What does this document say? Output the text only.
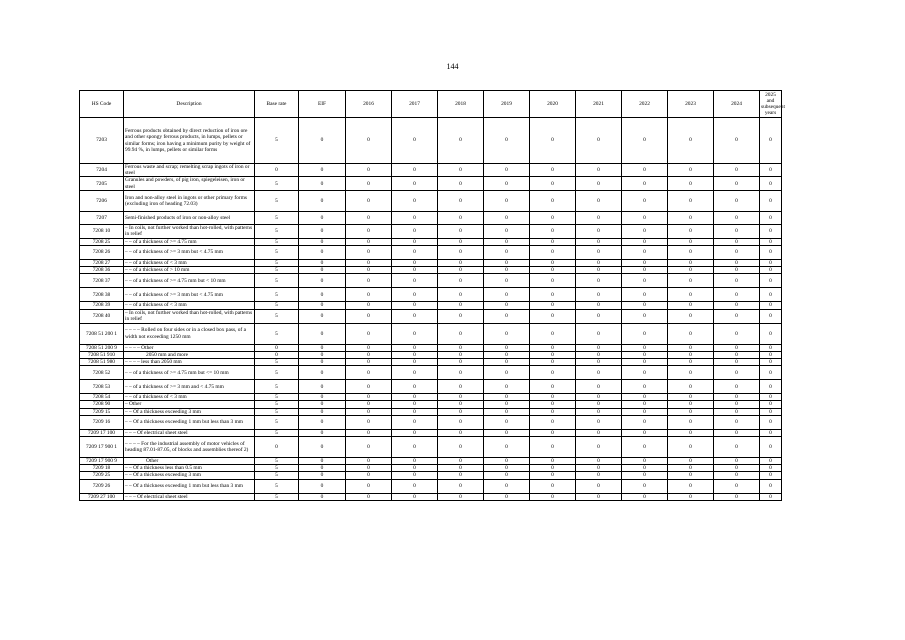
144
HS Code	Description	Base rate	EIF	2016	2017	2018	2019	2020	2021	2022	2023	2024	2025 and subsequent years
7203	Ferrous products obtained by direct reduction of iron ore and other spongy ferrous products, in lumps, pellets or similar forms; iron having a minimum purity by weight of 99.94 %, in lumps, pellets or similar forms	5	0	0	0	0	0	0	0	0	0	0	0
7204	Ferrous waste and scrap; remelting scrap ingots of iron or steel	0	0	0	0	0	0	0	0	0	0	0	0
7205	Granules and powders, of pig iron, spiegeleisen, iron or steel	5	0	0	0	0	0	0	0	0	0	0	0
7206	Iron and non-alloy steel in ingots or other primary forms (excluding iron of heading 72.03)	5	0	0	0	0	0	0	0	0	0	0	0
7207	Semi-finished products of iron or non-alloy steel	5	0	0	0	0	0	0	0	0	0	0	0
7208 10	– In coils, not further worked than hot-rolled, with patterns in relief	5	0	0	0	0	0	0	0	0	0	0	0
7208 25	– – of a thickness of >= 4.75 mm	5	0	0	0	0	0	0	0	0	0	0	0
7208 26	– – of a thickness of >= 3 mm but < 4.75 mm	5	0	0	0	0	0	0	0	0	0	0	0
7208 27	– – of a thickness of < 3 mm	5	0	0	0	0	0	0	0	0	0	0	0
7208 36	– – of a thickness of > 10 mm	5	0	0	0	0	0	0	0	0	0	0	0
7208 37	– – of a thickness of >= 4.75 mm but < 10 mm	5	0	0	0	0	0	0	0	0	0	0	0
7208 38	– – of a thickness of >= 3 mm but < 4.75 mm	5	0	0	0	0	0	0	0	0	0	0	0
7208 39	– – of a thickness of < 3 mm	5	0	0	0	0	0	0	0	0	0	0	0
7208 40	– In coils, not further worked than hot-rolled, with patterns in relief	5	0	0	0	0	0	0	0	0	0	0	0
7208 51 200 1	– – – – Rolled on four sides or in a closed box pass, of a width not exceeding 1250 mm	5	0	0	0	0	0	0	0	0	0	0	0
7208 51 200 9	– – – – Other	0	0	0	0	0	0	0	0	0	0	0	0
7208 51 910	2050 mm and more	0	0	0	0	0	0	0	0	0	0	0	0
7208 51 980	– – – – less than 2050 mm	5	0	0	0	0	0	0	0	0	0	0	0
7208 52	– – of a thickness of >= 4.75 mm but <= 10 mm	5	0	0	0	0	0	0	0	0	0	0	0
7208 53	– – of a thickness of >= 3 mm and < 4.75 mm	5	0	0	0	0	0	0	0	0	0	0	0
7208 54	– – of a thickness of < 3 mm	5	0	0	0	0	0	0	0	0	0	0	0
7208 90	– Other	5	0	0	0	0	0	0	0	0	0	0	0
7209 15	– – Of a thickness exceeding 3 mm	5	0	0	0	0	0	0	0	0	0	0	0
7209 16	– – Of a thickness exceeding 1 mm but less than 3 mm	5	0	0	0	0	0	0	0	0	0	0	0
7209 17 100	– – – Of electrical sheet steel	5	0	0	0	0	0	0	0	0	0	0	0
7209 17 900 1	– – – – For the industrial assembly of motor vehicles of heading 87.01-87.05, of blocks and assemblies thereof 2)	0	0	0	0	0	0	0	0	0	0	0	0
7209 17 900 9	Other	5	0	0	0	0	0	0	0	0	0	0	0
7209 18	– – Of a thickness less than 0.5 mm	5	0	0	0	0	0	0	0	0	0	0	0
7209 25	– – Of a thickness exceeding 3 mm	5	0	0	0	0	0	0	0	0	0	0	0
7209 26	– – Of a thickness exceeding 1 mm but less than 3 mm	5	0	0	0	0	0	0	0	0	0	0	0
7209 27 100	– – – Of electrical sheet steel	5	0	0	0	0	0	0	0	0	0	0	0
